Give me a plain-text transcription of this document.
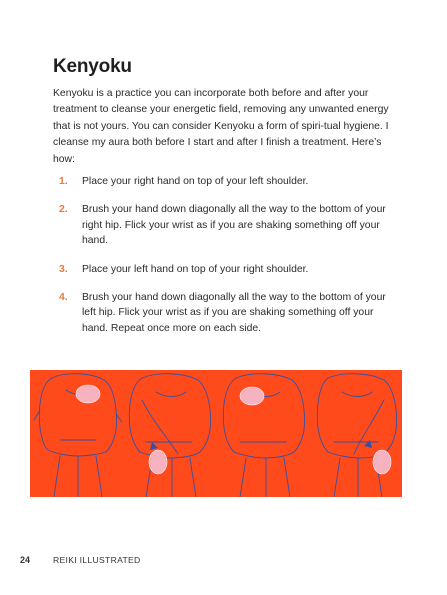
Kenyoku

Kenyoku is a practice you can incorporate both before and after your treatment to cleanse your energetic field, removing any unwanted energy that is not yours. You can consider Kenyoku a form of spiri-tual hygiene. I cleanse my aura both before I start and after I finish a treatment. Here’s how:

1.	Place your right hand on top of your left shoulder.
2.	Brush your hand down diagonally all the way to the bottom of your right hip. Flick your wrist as if you are shaking something off your hand.
3.	Place your left hand on top of your right shoulder.
4.	Brush your hand down diagonally all the way to the bottom of your left hip. Flick your wrist as if you are shaking something off your hand. Repeat once more on each side.
24	REIKI ILLUSTRATED
